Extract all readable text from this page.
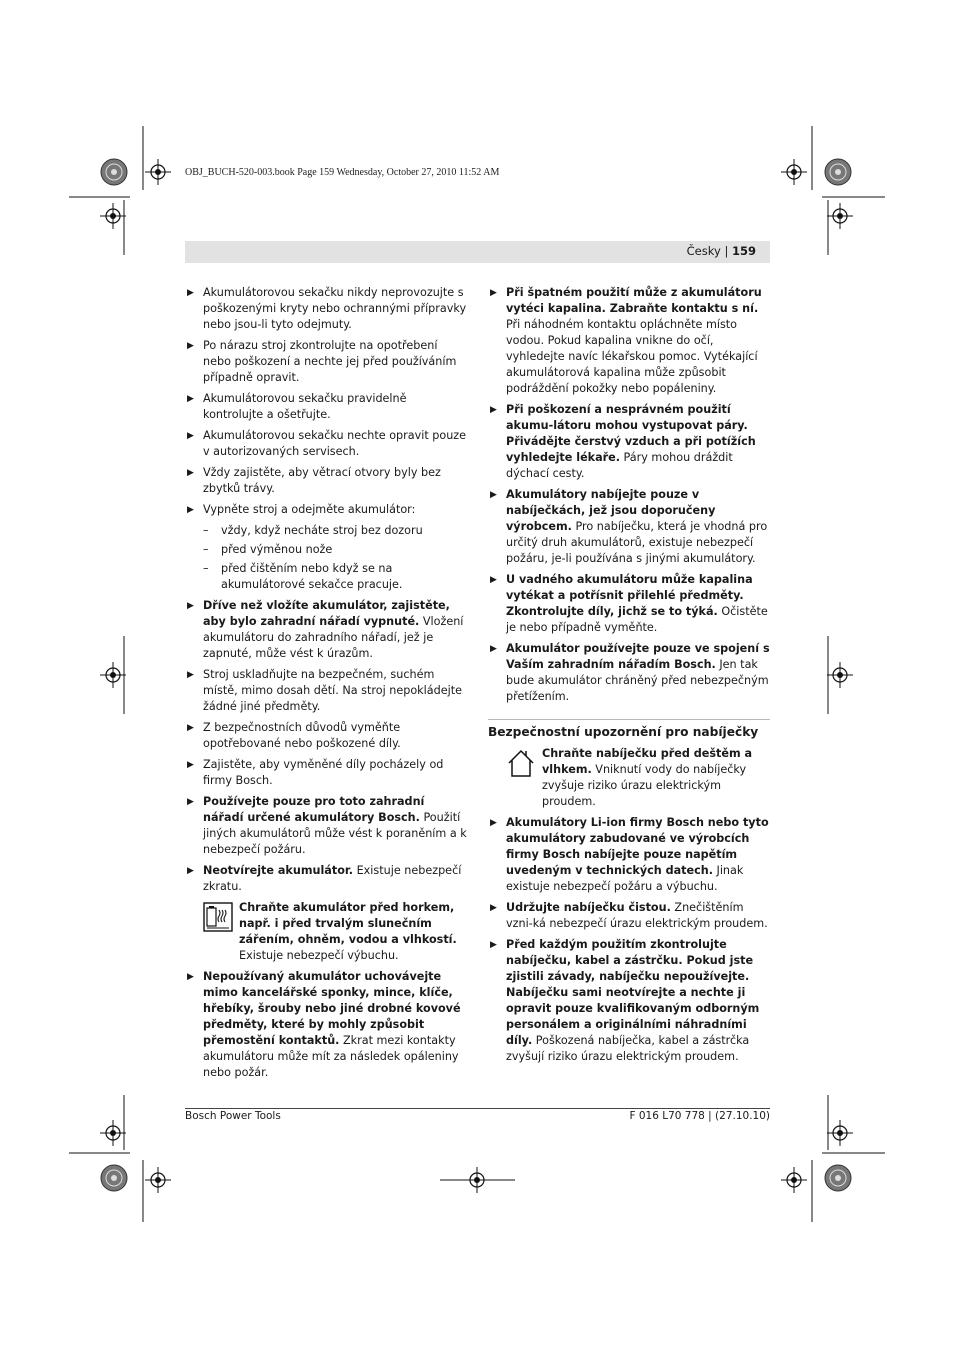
OBJ_BUCH-520-003.book Page 159 Wednesday, October 27, 2010 11:52 AM
Česky | 159
▶ Akumulátorovou sekačku nikdy neprovozujte s poškozenými kryty nebo ochrannými přípravky nebo jsou-li tyto odejmuty.
▶ Po nárazu stroj zkontrolujte na opotřebení nebo poškození a nechte jej před používáním případně opravit.
▶ Akumulátorovou sekačku pravidelně kontrolujte a ošetřujte.
▶ Akumulátorovou sekačku nechte opravit pouze v autorizovaných servisech.
▶ Vždy zajistěte, aby větrací otvory byly bez zbytků trávy.
▶ Vypněte stroj a odejměte akumulátor:
– vždy, když necháte stroj bez dozoru
– před výměnou nože
– před čištěním nebo když se na akumulátorové sekačce pracuje.
▶ Dříve než vložíte akumulátor, zajistěte, aby bylo zahradní nářadí vypnuté. Vložení akumulátoru do zahradního nářadí, jež je zapnuté, může vést k úrazům.
▶ Stroj uskladňujte na bezpečném, suchém místě, mimo dosah dětí. Na stroj nepokládejte žádné jiné předměty.
▶ Z bezpečnostních důvodů vyměňte opotřebované nebo poškozené díly.
▶ Zajistěte, aby vyměněné díly pocházely od firmy Bosch.
▶ Používejte pouze pro toto zahradní nářadí určené akumulátory Bosch. Použití jiných akumulátorů může vést k poraněním a k nebezpečí požáru.
▶ Neotvírejte akumulátor. Existuje nebezpečí zkratu.
Chraňte akumulátor před horkem, např. i před trvalým slunečním zářením, ohněm, vodou a vlhkostí. Existuje nebezpečí výbuchu.
▶ Nepoužívaný akumulátor uchovávejte mimo kancelářské sponky, mince, klíče, hřebíky, šrouby nebo jiné drobné kovové předměty, které by mohly způsobit přemostění kontaktů. Zkrat mezi kontakty akumulátoru může mít za následek opáleniny nebo požár.
▶ Při špatném použití může z akumulátoru vytéci kapalina. Zabraňte kontaktu s ní. Při náhodném kontaktu opláchněte místo vodou. Pokud kapalina vnikne do očí, vyhledejte navíc lékařskou pomoc. Vytékající akumulátorová kapalina může způsobit podráždění pokožky nebo popáleniny.
▶ Při poškození a nesprávném použití akumu-látoru mohou vystupovat páry. Přivádějte čerstvý vzduch a při potížích vyhledejte lékaře. Páry mohou dráždit dýchací cesty.
▶ Akumulátory nabíjejte pouze v nabíječkách, jež jsou doporučeny výrobcem. Pro nabíječku, která je vhodná pro určitý druh akumulátorů, existuje nebezpečí požáru, je-li používána s jinými akumulátory.
▶ U vadného akumulátoru může kapalina vytékat a potřísnit přilehlé předměty. Zkontrolujte díly, jichž se to týká. Očistěte je nebo případně vyměňte.
▶ Akumulátor používejte pouze ve spojení s Vaším zahradním nářadím Bosch. Jen tak bude akumulátor chráněný před nebezpečným přetížením.
Bezpečnostní upozornění pro nabíječky
Chraňte nabíječku před deštěm a vlhkem. Vniknutí vody do nabíječky zvyšuje riziko úrazu elektrickým proudem.
▶ Akumulátory Li-ion firmy Bosch nebo tyto akumulátory zabudované ve výrobcích firmy Bosch nabíjejte pouze napětím uvedeným v technických datech. Jinak existuje nebezpečí požáru a výbuchu.
▶ Udržujte nabíječku čistou. Znečištěním vzni-ká nebezpečí úrazu elektrickým proudem.
▶ Před každým použitím zkontrolujte nabíječku, kabel a zástrčku. Pokud jste zjistili závady, nabíječku nepoužívejte. Nabíječku sami neotvírejte a nechte ji opravit pouze kvalifikovaným odborným personálem a originálními náhradními díly. Poškozená nabíječka, kabel a zástrčka zvyšují riziko úrazu elektrickým proudem.
Bosch Power Tools	F 016 L70 778 | (27.10.10)
